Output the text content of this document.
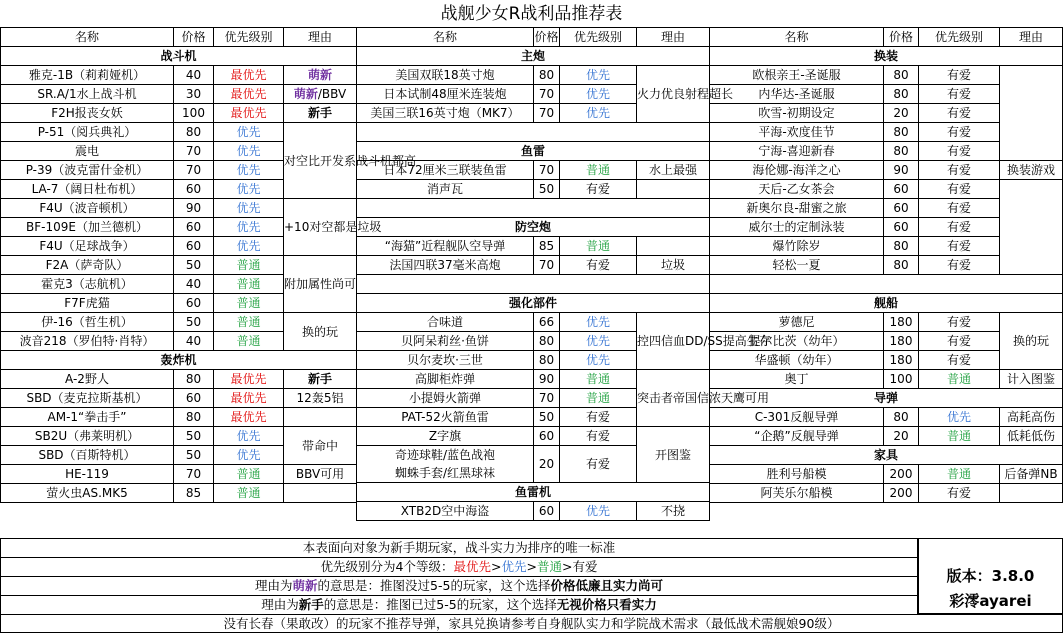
战舰少女R战利品推荐表
名称	价格	优先级别	理由
战斗机			
雅克-1B（莉莉娅机）	40	最优先	萌新
SR.A/1水上战斗机	30	最优先	萌新/BBV
F2H报丧女妖	100	最优先	新手
P-51（阅兵典礼）	80	优先	对空比开发系战斗机都高
震电	70	优先	
P-39（波克雷什金机）	70	优先	
LA-7（阔日杜布机）	60	优先	
F4U（波音顿机）	90	优先	+10对空都是垃圾
BF-109E（加兰德机）	60	优先	
F4U（足球战争）	60	优先	
F2A（萨奇队）	50	普通	附加属性尚可
霍克3（志航机）	40	普通	
F7F虎猫	60	普通	
伊-16（哲生机）	50	普通	换的玩
波音218（罗伯特·肖特）	40	普通	
轰炸机			
A-2野人	80	最优先	新手
SBD（麦克拉斯基机）	60	最优先	12轰5铝
AM-1“拳击手”	80	最优先	
SB2U（弗莱明机）	50	优先	带命中
SBD（百斯特机）	50	优先	
HE-119	70	普通	BBV可用
萤火虫AS.MK5	85	普通	
名称	价格	优先级别	理由
主炮			
美国双联18英寸炮	80	优先	火力优良射程超长
日本试制48厘米连装炮	70	优先	
美国三联16英寸炮（MK7）	70	优先	

鱼雷			
日本72厘米三联装鱼雷	70	普通	水上最强
消声瓦	50	有爱	

防空炮			
“海猫”近程舰队空导弹	85	普通	
法国四联37毫米高炮	70	有爱	垃圾

强化部件			
合味道	66	优先	控四信血DD/SS提高生存
贝阿呆莉丝·鱼饼	80	优先	
贝尔麦坎·三世	80	优先	
高脚柜炸弹	90	普通	突击者帝国信浓天鹰可用
小提姆火箭弹	70	普通	
PAT-52火箭鱼雷	50	有爱	
Z字旗	60	有爱	开图鉴

奇迹球鞋/蓝色战袍
蜘蛛手套/红黑球袜	20	有爱	
鱼雷机			
XTB2D空中海盗	60	优先	不挠
名称	价格	优先级别	理由
换装			
欧根亲王-圣诞服	80	有爱	
内华达-圣诞服	80	有爱	
吹雪-初期设定	20	有爱	
平海-欢度佳节	80	有爱	
宁海-喜迎新春	80	有爱	
海伦娜-海洋之心	90	有爱	换装游戏
天后-乙女茶会	60	有爱	
新奥尔良-甜蜜之旅	60	有爱	
威尔士的定制泳装	60	有爱	
爆竹除岁	80	有爱	
轻松一夏	80	有爱	

舰船			
萝德尼	180	有爱	换的玩
提尔比茨（幼年）	180	有爱	
华盛顿（幼年）	180	有爱	
奥丁	100	普通	计入图鉴
导弹			
C-301反舰导弹	80	优先	高耗高伤
“企鹅”反舰导弹	20	普通	低耗低伤
家具			
胜利号船模	200	普通	后备弹NB
阿芙乐尔船模	200	有爱	
本表面向对象为新手期玩家，战斗实力为排序的唯一标准
优先级别分为4个等级：最优先>优先>普通>有爱
理由为萌新的意思是：推图没过5-5的玩家，这个选择价格低廉且实力尚可
理由为新手的意思是：推图已过5-5的玩家，这个选择无视价格只看实力
没有长春（果敢改）的玩家不推荐导弹，家具兑换请参考自身舰队实力和学院战术需求（最低战术需舰娘90级）
版本：3.8.0
彩澪ayarei
